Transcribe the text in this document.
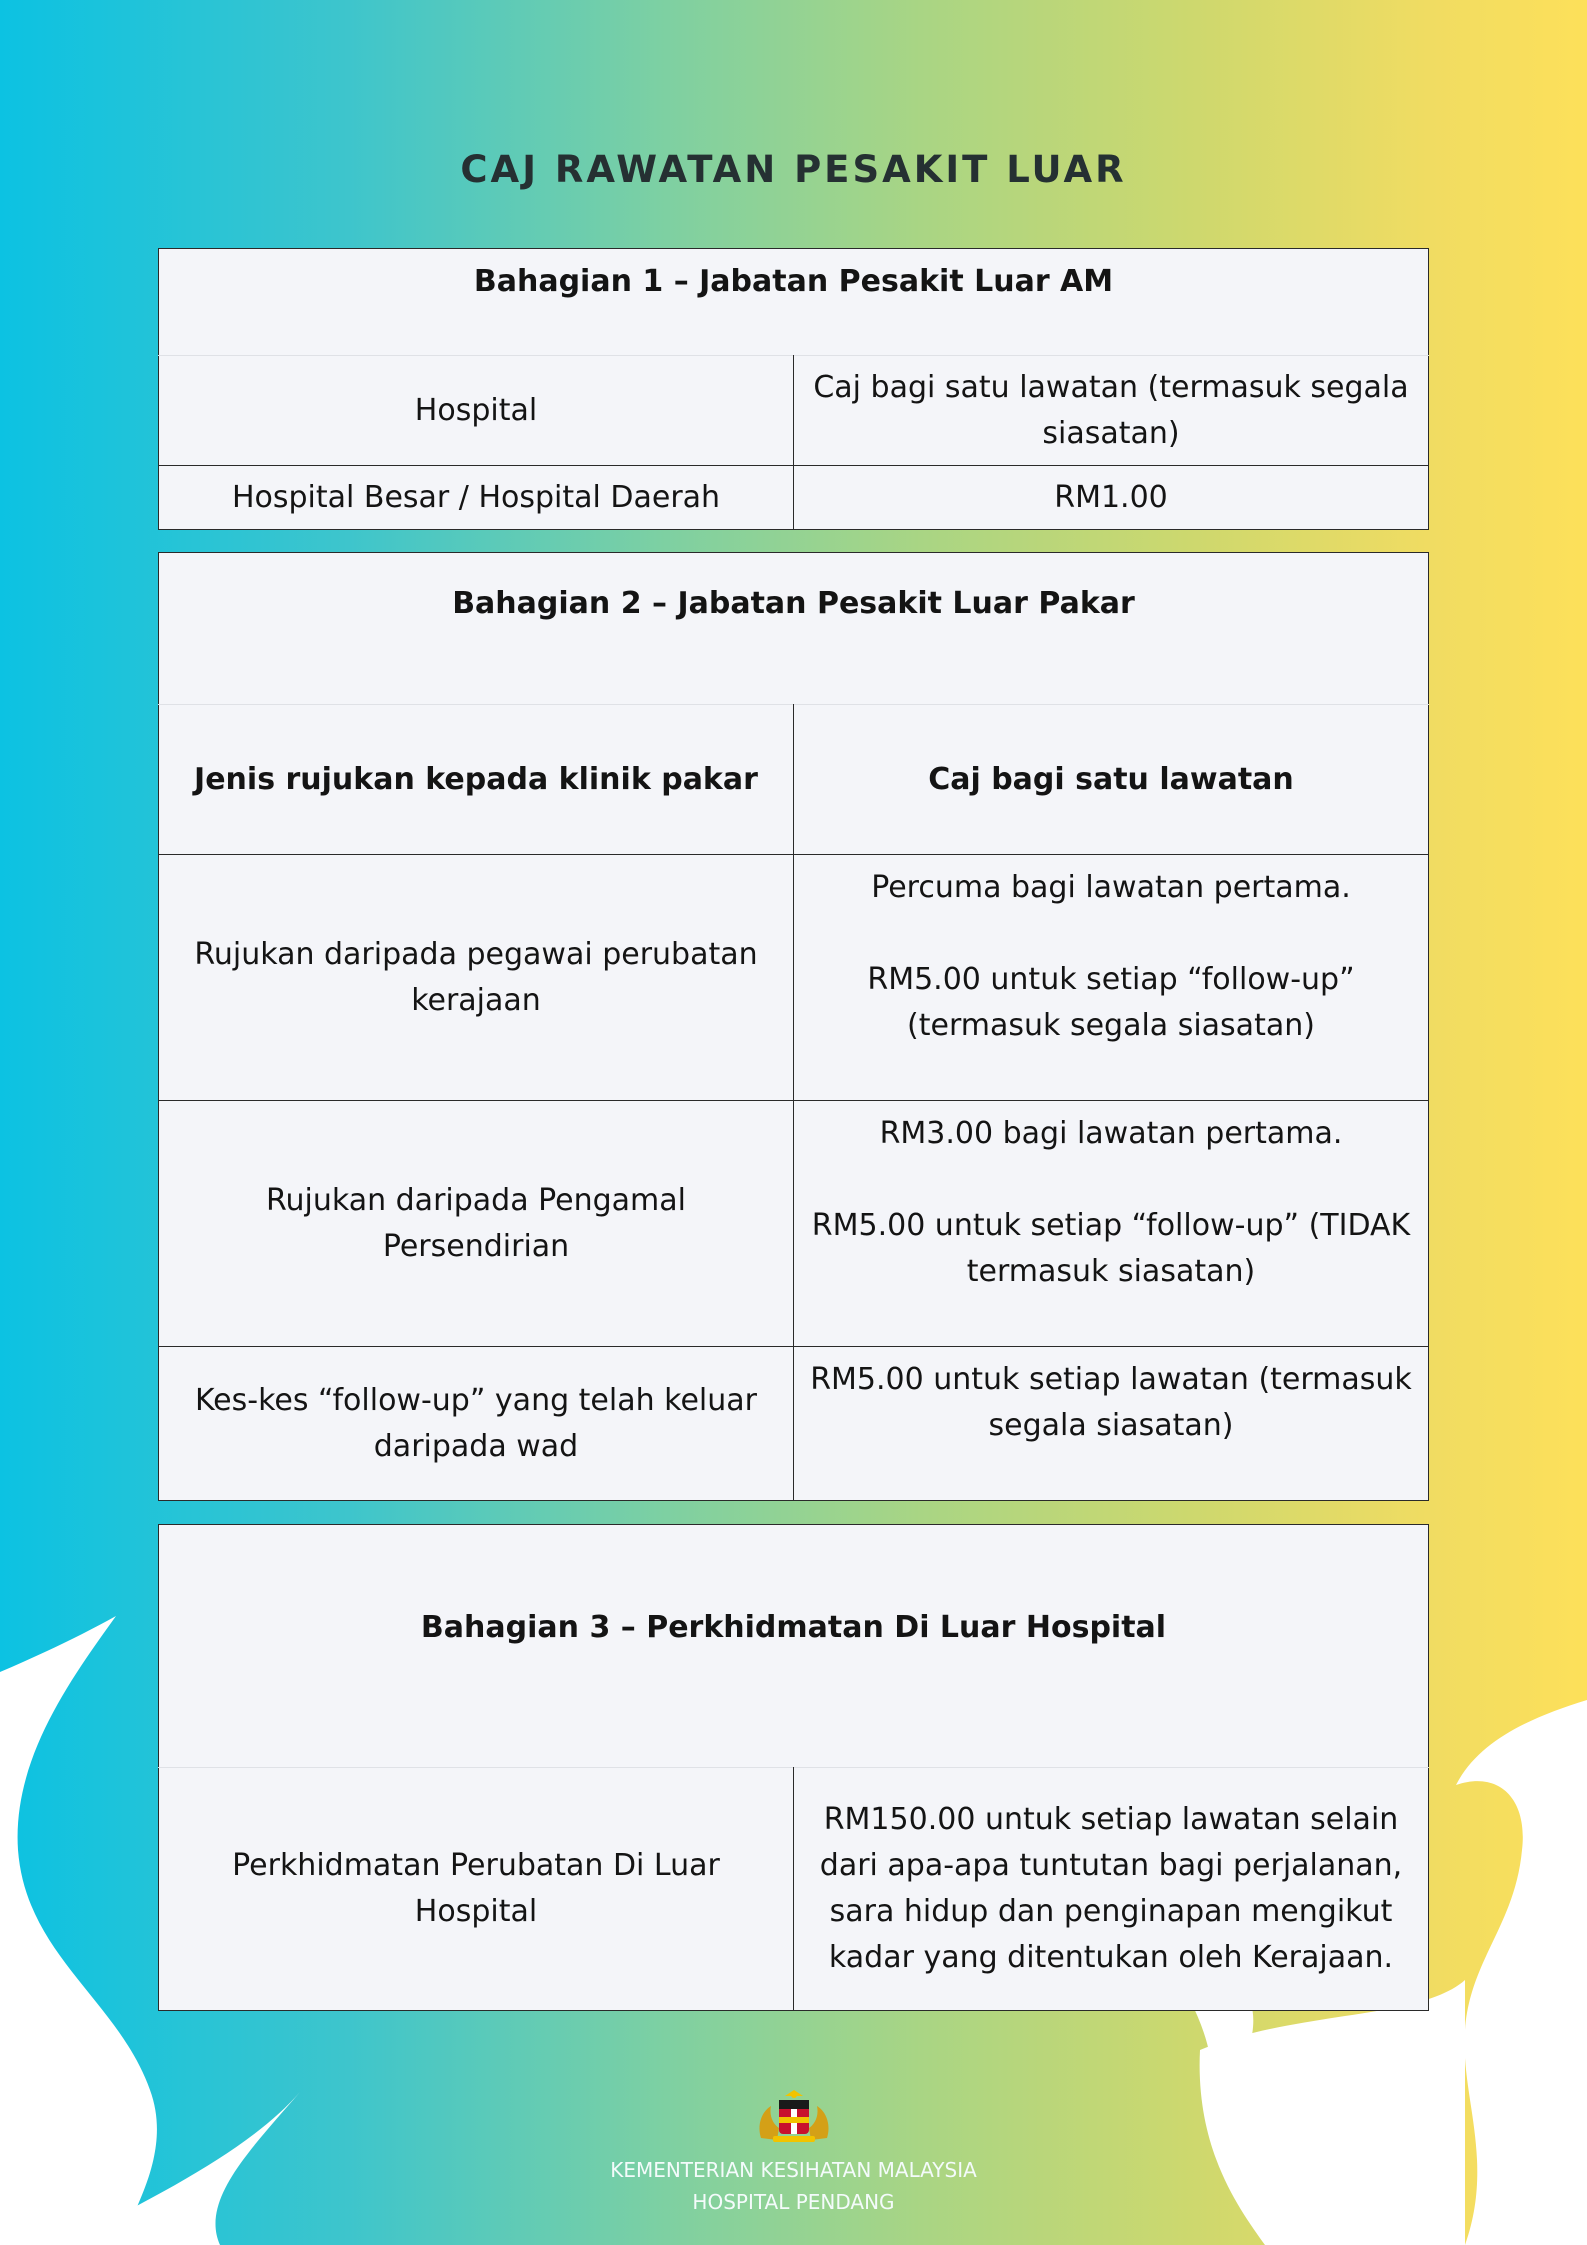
CAJ RAWATAN PESAKIT LUAR
Bahagian 1 – Jabatan Pesakit Luar AM	
Hospital	Caj bagi satu lawatan (termasuk segala siasatan)
Hospital Besar / Hospital Daerah	RM1.00
Bahagian 2 – Jabatan Pesakit Luar Pakar	
Jenis rujukan kepada klinik pakar	Caj bagi satu lawatan
Rujukan daripada pegawai perubatan kerajaan	Percuma bagi lawatan pertama.
RM5.00 untuk setiap “follow-up” (termasuk segala siasatan)

Rujukan daripada Pengamal Persendirian	RM3.00 bagi lawatan pertama.
RM5.00 untuk setiap “follow-up” (TIDAK termasuk siasatan)

Kes-kes “follow-up” yang telah keluar daripada wad	RM5.00 untuk setiap lawatan (termasuk segala siasatan)
Bahagian 3 – Perkhidmatan Di Luar Hospital
Perkhidmatan Perubatan Di Luar Hospital	RM150.00 untuk setiap lawatan selain dari apa-apa tuntutan bagi perjalanan, sara hidup dan penginapan mengikut kadar yang ditentukan oleh Kerajaan.
KEMENTERIAN KESIHATAN MALAYSIA
HOSPITAL PENDANG
